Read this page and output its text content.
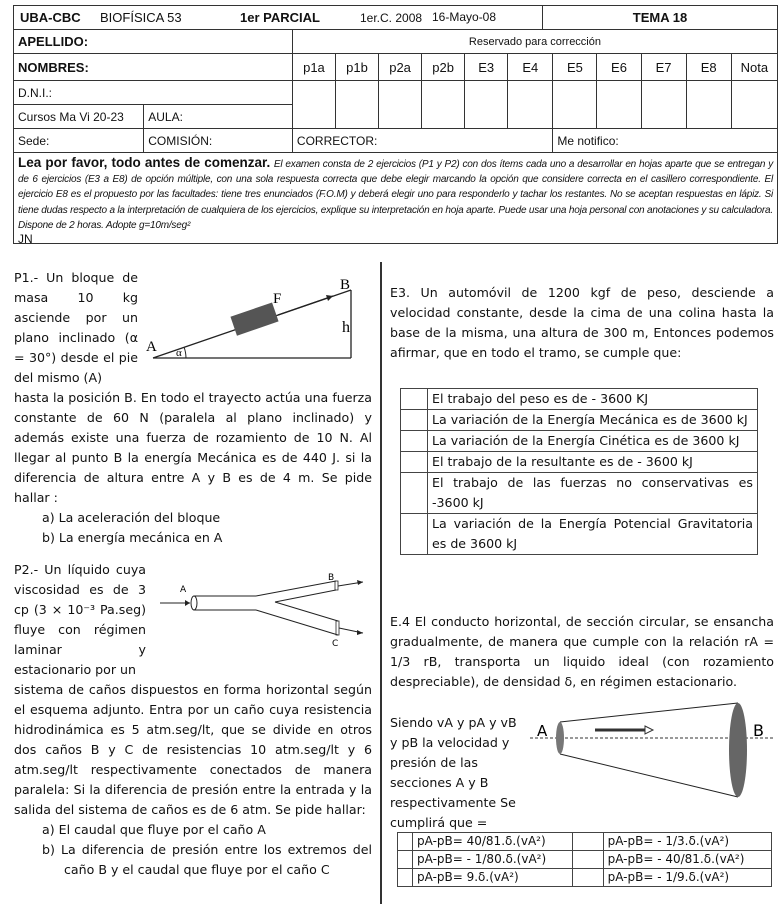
UBA-CBC	BIOFÍSICA 53	1er PARCIAL	1er.C. 2008 16-Mayo-08	TEMA 18

APELLIDO:		Reservado para corrección										
NOMBRES:		p1a	p1b	p2a	p2b	E3	E4	E5	E6	E7	E8	Nota
D.N.I.:												
Cursos Ma Vi 20-23	AULA:											
Sede:	COMISIÓN:	CORRECTOR:						Me notifico:				
Lea por favor, todo antes de comenzar. El examen consta de 2 ejercicios (P1 y P2) con dos ítems cada uno a desarrollar en hojas aparte que se entregan y de 6 ejercicios (E3 a E8) de opción múltiple, con una sola respuesta correcta que debe elegir marcando la opción que considere correcta en el casillero correspondiente. El ejercicio E8 es el propuesto por las facultades: tiene tres enunciados (F.O.M) y deberá elegir uno para responderlo y tachar los restantes. No se aceptan respuestas en lápiz. Si tiene dudas respecto a la interpretación de cualquiera de los ejercicios, explique su interpretación en hoja aparte. Puede usar una hoja personal con anotaciones y su calculadora. Dispone de 2 horas. Adopte g=10m/seg²
JN
P1.- Un bloque de masa 10 kg asciende por un plano inclinado (α = 30°) desde el pie del mismo (A)
A
B
F
h
α
hasta la posición B. En todo el trayecto actúa una fuerza constante de 60 N (paralela al plano inclinado) y además existe una fuerza de rozamiento de 10 N. Al llegar al punto B la energía Mecánica es de 440 J. si la diferencia de altura entre A y B es de 4 m. Se pide hallar :
a) La aceleración del bloque
b) La energía mecánica en A
P2.- Un líquido cuya viscosidad es de 3 cp (3 × 10⁻³ Pa.seg) fluye con régimen laminar y estacionario por un
A
B
C
sistema de caños dispuestos en forma horizontal según el esquema adjunto. Entra por un caño cuya resistencia hidrodinámica es 5 atm.seg/lt, que se divide en otros dos caños B y C de resistencias 10 atm.seg/lt y 6 atm.seg/lt respectivamente conectados de manera paralela: Si la diferencia de presión entre la entrada y la salida del sistema de caños es de 6 atm. Se pide hallar:
a) El caudal que fluye por el caño A
b) La diferencia de presión entre los extremos del caño B y el caudal que fluye por el caño C
E3. Un automóvil de 1200 kgf de peso, desciende a velocidad constante, desde la cima de una colina hasta la base de la misma, una altura de 300 m, Entonces podemos afirmar, que en todo el tramo, se cumple que:
	El trabajo del peso es de - 3600 KJ
	La variación de la Energía Mecánica es de 3600 kJ
	La variación de la Energía Cinética es de 3600 kJ
	El trabajo de la resultante es de - 3600 kJ
	El trabajo de las fuerzas no conservativas es -3600 kJ
	La variación de la Energía Potencial Gravitatoria es de 3600 kJ
E.4 El conducto horizontal, de sección circular, se ensancha gradualmente, de manera que cumple con la relación rA = 1/3 rB, transporta un liquido ideal (con rozamiento despreciable), de densidad δ, en régimen estacionario.
Siendo vA y pA y vB y pB la velocidad y presión de las secciones A y B respectivamente Se cumplirá que =
A	B
	pA-pB= 40/81.δ.(vA²)		pA-pB= - 1/3.δ.(vA²)
	pA-pB= - 1/80.δ.(vA²)		pA-pB= - 40/81.δ.(vA²)
	pA-pB= 9.δ.(vA²)		pA-pB= - 1/9.δ.(vA²)
